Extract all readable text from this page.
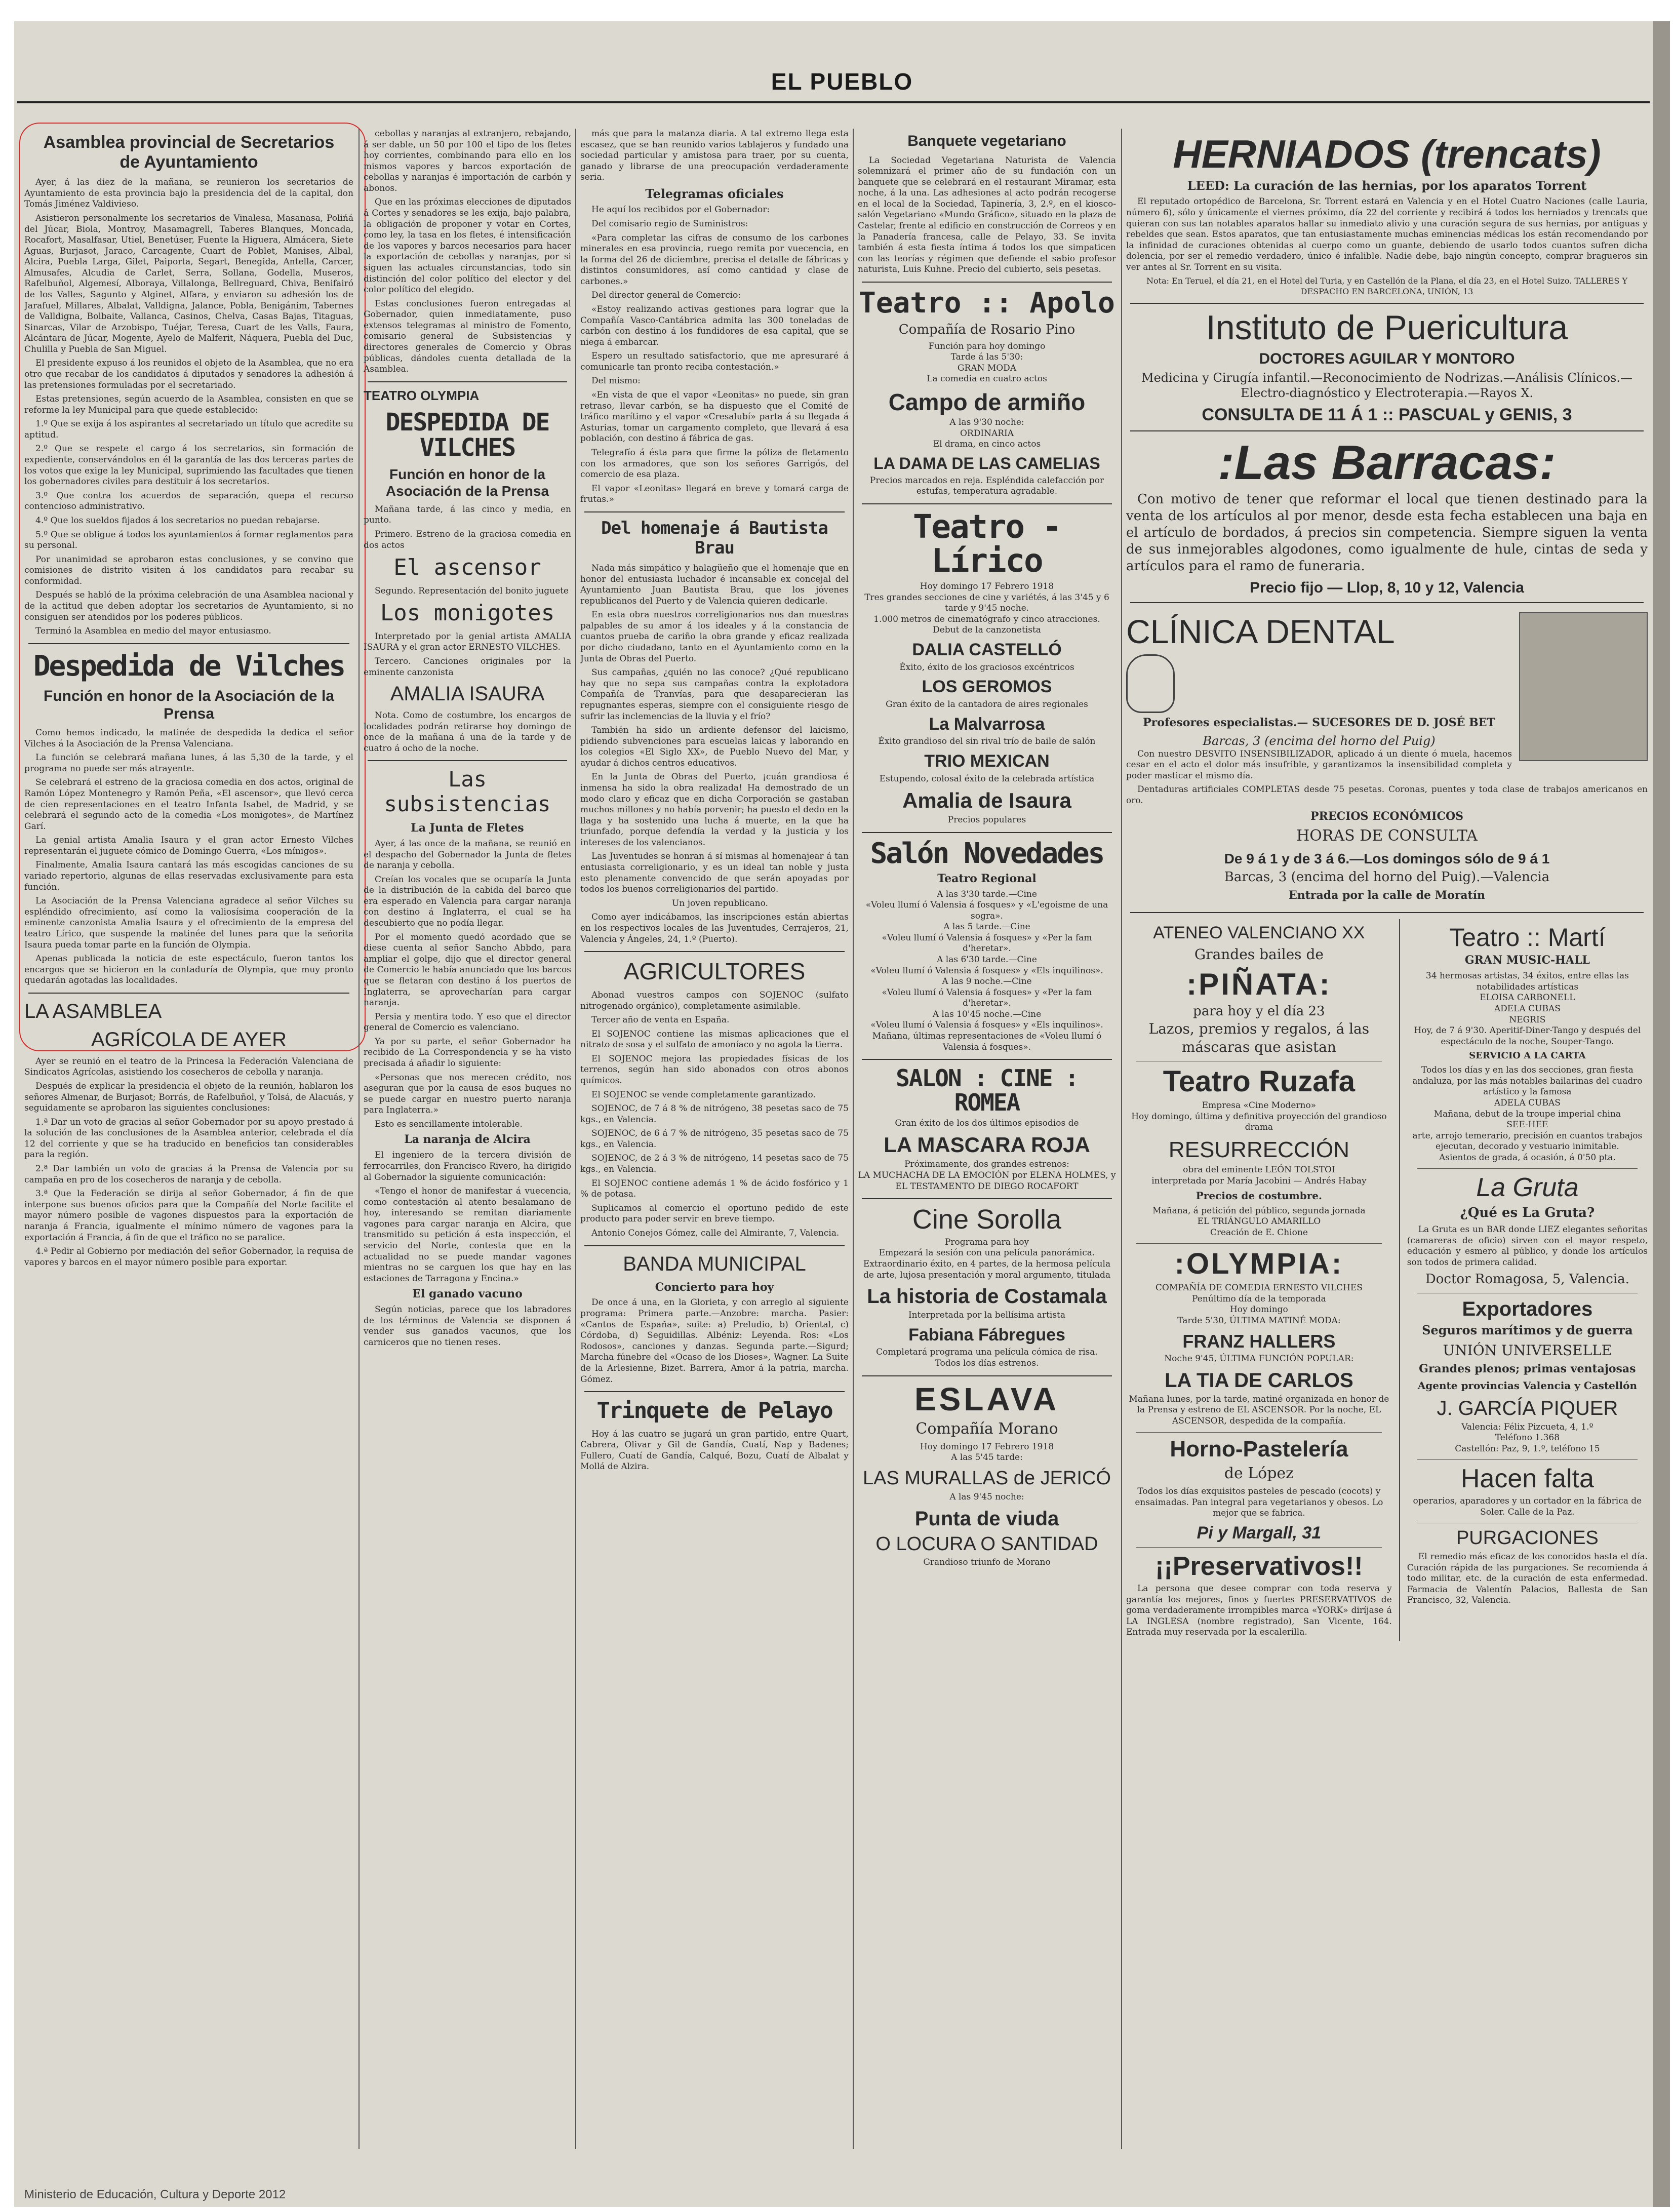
EL PUEBLO
Asamblea provincial de Secretarios
de Ayuntamiento

Ayer, á las diez de la mañana, se reunieron los secretarios de Ayuntamiento de esta provincia bajo la presidencia del de la capital, don Tomás Jiménez Valdivieso.

Asistieron personalmente los secretarios de Vinalesa, Masanasa, Polińá del Júcar, Biola, Montroy, Masamagrell, Taberes Blanques, Moncada, Rocafort, Masalfasar, Utiel, Benetúser, Fuente la Higuera, Almácera, Siete Aguas, Burjasot, Jaraco, Carcagente, Cuart de Poblet, Manises, Albal, Alcira, Puebla Larga, Gilet, Paiporta, Segart, Benegida, Antella, Carcer, Almusafes, Alcudia de Carlet, Serra, Sollana, Godella, Museros, Rafelbuñol, Algemesí, Alboraya, Villalonga, Bellreguard, Chiva, Benifairó de los Valles, Sagunto y Alginet, Alfara, y enviaron su adhesión los de Jarafuel, Millares, Albalat, Valldigna, Jalance, Pobla, Benigánim, Tabernes de Valldigna, Bolbaite, Vallanca, Casinos, Chelva, Casas Bajas, Titaguas, Sinarcas, Vilar de Arzobispo, Tuéjar, Teresa, Cuart de les Valls, Faura, Alcántara de Júcar, Mogente, Ayelo de Malferit, Náquera, Puebla del Duc, Chulilla y Puebla de San Miguel.

El presidente expuso á los reunidos el objeto de la Asamblea, que no era otro que recabar de los candidatos á diputados y senadores la adhesión á las pretensiones formuladas por el secretariado.

Estas pretensiones, según acuerdo de la Asamblea, consisten en que se reforme la ley Municipal para que quede establecido:

1.º Que se exija á los aspirantes al secretariado un título que acredite su aptitud.

2.º Que se respete el cargo á los secretarios, sin formación de expediente, conservándolos en él la garantía de las dos terceras partes de los votos que exige la ley Municipal, suprimiendo las facultades que tienen los gobernadores civiles para destituir á los secretarios.

3.º Que contra los acuerdos de separación, quepa el recurso contencioso administrativo.

4.º Que los sueldos fijados á los secretarios no puedan rebajarse.

5.º Que se obligue á todos los ayuntamientos á formar reglamentos para su personal.

Por unanimidad se aprobaron estas conclusiones, y se convino que comisiones de distrito visiten á los candidatos para recabar su conformidad.

Después se habló de la próxima celebración de una Asamblea nacional y de la actitud que deben adoptar los secretarios de Ayuntamiento, si no consiguen ser atendidos por los poderes públicos.

Terminó la Asamblea en medio del mayor entusiasmo.

Despedida de Vilches
Función en honor de la Asociación de la Prensa

Como hemos indicado, la matinée de despedida la dedica el señor Vilches á la Asociación de la Prensa Valenciana.

La función se celebrará mañana lunes, á las 5,30 de la tarde, y el programa no puede ser más atrayente.

Se celebrará el estreno de la graciosa comedia en dos actos, original de Ramón López Montenegro y Ramón Peña, «El ascensor», que llevó cerca de cien representaciones en el teatro Infanta Isabel, de Madrid, y se celebrará el segundo acto de la comedia «Los monigotes», de Martínez Garí.

La genial artista Amalia Isaura y el gran actor Ernesto Vilches representarán el juguete cómico de Domingo Guerra, «Los mínigos».

Finalmente, Amalia Isaura cantará las más escogidas canciones de su variado repertorio, algunas de ellas reservadas exclusivamente para esta función.

La Asociación de la Prensa Valenciana agradece al señor Vilches su espléndido ofrecimiento, así como la valiosísima cooperación de la eminente canzonista Amalia Isaura y el ofrecimiento de la empresa del teatro Lírico, que suspende la matinée del lunes para que la señorita Isaura pueda tomar parte en la función de Olympia.

Apenas publicada la noticia de este espectáculo, fueron tantos los encargos que se hicieron en la contaduría de Olympia, que muy pronto quedarán agotadas las localidades.

LA ASAMBLEA
AGRÍCOLA DE AYER

Ayer se reunió en el teatro de la Princesa la Federación Valenciana de Sindicatos Agrícolas, asistiendo los cosecheros de cebolla y naranja.

Después de explicar la presidencia el objeto de la reunión, hablaron los señores Almenar, de Burjasot; Borrás, de Rafelbuñol, y Tolsá, de Alacuás, y seguidamente se aprobaron las siguientes conclusiones:

1.ª Dar un voto de gracias al señor Gobernador por su apoyo prestado á la solución de las conclusiones de la Asamblea anterior, celebrada el día 12 del corriente y que se ha traducido en beneficios tan considerables para la región.

2.ª Dar también un voto de gracias á la Prensa de Valencia por su campaña en pro de los cosecheros de naranja y de cebolla.

3.ª Que la Federación se dirija al señor Gobernador, á fin de que interpone sus buenos oficios para que la Compañía del Norte facilite el mayor número posible de vagones dispuestos para la exportación de naranja á Francia, igualmente el mínimo número de vagones para la exportación á Francia, á fin de que el tráfico no se paralice.

4.ª Pedir al Gobierno por mediación del señor Gobernador, la requisa de vapores y barcos en el mayor número posible para exportar.

cebollas y naranjas al extranjero, rebajando, á ser dable, un 50 por 100 el tipo de los fletes hoy corrientes, combinando para ello en los mismos vapores y barcos exportación de cebollas y naranjas é importación de carbón y abonos.

Que en las próximas elecciones de diputados á Cortes y senadores se les exija, bajo palabra, la obligación de proponer y votar en Cortes, como ley, la tasa en los fletes, é intensificación de los vapores y barcos necesarios para hacer la exportación de cebollas y naranjas, por si siguen las actuales circunstancias, todo sin distinción del color político del elector y del color político del elegido.

Estas conclusiones fueron entregadas al Gobernador, quien inmediatamente, puso extensos telegramas al ministro de Fomento, comisario general de Subsistencias y directores generales de Comercio y Obras públicas, dándoles cuenta detallada de la Asamblea.

TEATRO OLYMPIA
DESPEDIDA DE VILCHES
Función en honor de la Asociación de la Prensa

Mañana tarde, á las cinco y media, en punto.

Primero. Estreno de la graciosa comedia en dos actos

El ascensor

Segundo. Representación del bonito juguete

Los monigotes

Interpretado por la genial artista AMALIA ISAURA y el gran actor ERNESTO VILCHES.

Tercero. Canciones originales por la eminente canzonista

AMALIA ISAURA

Nota. Como de costumbre, los encargos de localidades podrán retirarse hoy domingo de once de la mañana á una de la tarde y de cuatro á ocho de la noche.

Las subsistencias
La Junta de Fletes

Ayer, á las once de la mañana, se reunió en el despacho del Gobernador la Junta de fletes de naranja y cebolla.

Creían los vocales que se ocuparía la Junta de la distribución de la cabida del barco que era esperado en Valencia para cargar naranja con destino á Inglaterra, el cual se ha descubierto que no podía llegar.

Por el momento quedó acordado que se diese cuenta al señor Sancho Abbdo, para ampliar el golpe, dijo que el director general de Comercio le había anunciado que los barcos que se fletaran con destino á los puertos de Inglaterra, se aprovecharían para cargar naranja.

Persia y mentira todo. Y eso que el director general de Comercio es valenciano.

Ya por su parte, el señor Gobernador ha recibido de La Correspondencia y se ha visto precisada á añadir lo siguiente:

«Personas que nos merecen crédito, nos aseguran que por la causa de esos buques no se puede cargar en nuestro puerto naranja para Inglaterra.»

Esto es sencillamente intolerable.

La naranja de Alcira

El ingeniero de la tercera división de ferrocarriles, don Francisco Rivero, ha dirigido al Gobernador la siguiente comunicación:

«Tengo el honor de manifestar á vuecencia, como contestación al atento besalamano de hoy, interesando se remitan diariamente vagones para cargar naranja en Alcira, que transmitido su petición á esta inspección, el servicio del Norte, contesta que en la actualidad no se puede mandar vagones mientras no se carguen los que hay en las estaciones de Tarragona y Encina.»

El ganado vacuno

Según noticias, parece que los labradores de los términos de Valencia se disponen á vender sus ganados vacunos, que los carniceros que no tienen reses.

más que para la matanza diaria. A tal extremo llega esta escasez, que se han reunido varios tablajeros y fundado una sociedad particular y amistosa para traer, por su cuenta, ganado y librarse de una preocupación verdaderamente seria.

Telegramas oficiales

He aquí los recibidos por el Gobernador:

Del comisario regio de Suministros:

«Para completar las cifras de consumo de los carbones minerales en esa provincia, ruego remita por vuecencia, en la forma del 26 de diciembre, precisa el detalle de fábricas y distintos consumidores, así como cantidad y clase de carbones.»

Del director general de Comercio:

«Estoy realizando activas gestiones para lograr que la Compañía Vasco-Cantábrica admita las 300 toneladas de carbón con destino á los fundidores de esa capital, que se niega á embarcar.

Espero un resultado satisfactorio, que me apresuraré á comunicarle tan pronto reciba contestación.»

Del mismo:

«En vista de que el vapor «Leonitas» no puede, sin gran retraso, llevar carbón, se ha dispuesto que el Comité de tráfico marítimo y el vapor «Cresalubí» parta á su llegada á Asturias, tomar un cargamento completo, que llevará á esa población, con destino á fábrica de gas.

Telegrafío á ésta para que firme la póliza de fletamento con los armadores, que son los señores Garrigós, del comercio de esa plaza.

El vapor «Leonitas» llegará en breve y tomará carga de frutas.»

Del homenaje á Bautista Brau

Nada más simpático y halagüeño que el homenaje que en honor del entusiasta luchador é incansable ex concejal del Ayuntamiento Juan Bautista Brau, que los jóvenes republicanos del Puerto y de Valencia quieren dedicarle.

En esta obra nuestros correligionarios nos dan muestras palpables de su amor á los ideales y á la constancia de cuantos prueba de cariño la obra grande y eficaz realizada por dicho ciudadano, tanto en el Ayuntamiento como en la Junta de Obras del Puerto.

Sus campañas, ¿quién no las conoce? ¿Qué republicano hay que no sepa sus campañas contra la explotadora Compañía de Tranvías, para que desaparecieran las repugnantes esperas, siempre con el consiguiente riesgo de sufrir las inclemencias de la lluvia y el frío?

También ha sido un ardiente defensor del laicismo, pidiendo subvenciones para escuelas laicas y laborando en los colegios «El Siglo XX», de Pueblo Nuevo del Mar, y ayudar á dichos centros educativos.

En la Junta de Obras del Puerto, ¡cuán grandiosa é inmensa ha sido la obra realizada! Ha demostrado de un modo claro y eficaz que en dicha Corporación se gastaban muchos millones y no había porvenir; ha puesto el dedo en la llaga y ha sostenido una lucha á muerte, en la que ha triunfado, porque defendía la verdad y la justicia y los intereses de los valencianos.

Las Juventudes se honran á sí mismas al homenajear á tan entusiasta correligionario, y es un ideal tan noble y justa esto plenamente convencido de que serán apoyadas por todos los buenos correligionarios del partido.

Un joven republicano.

Como ayer indicábamos, las inscripciones están abiertas en los respectivos locales de las Juventudes, Cerrajeros, 21, Valencia y Ángeles, 24, 1.º (Puerto).

AGRICULTORES

Abonad vuestros campos con SOJENOC (sulfato nitrogenado orgánico), completamente asimilable.

Tercer año de venta en España.

El SOJENOC contiene las mismas aplicaciones que el nitrato de sosa y el sulfato de amoníaco y no agota la tierra.

El SOJENOC mejora las propiedades físicas de los terrenos, según han sido abonados con otros abonos químicos.

El SOJENOC se vende completamente garantizado.

SOJENOC, de 7 á 8 % de nitrógeno, 38 pesetas saco de 75 kgs., en Valencia.

SOJENOC, de 6 á 7 % de nitrógeno, 35 pesetas saco de 75 kgs., en Valencia.

SOJENOC, de 2 á 3 % de nitrógeno, 14 pesetas saco de 75 kgs., en Valencia.

El SOJENOC contiene además 1 % de ácido fosfórico y 1 % de potasa.

Suplicamos al comercio el oportuno pedido de este producto para poder servir en breve tiempo.

Antonio Conejos Gómez, calle del Almirante, 7, Valencia.

BANDA MUNICIPAL
Concierto para hoy

De once á una, en la Glorieta, y con arreglo al siguiente programa: Primera parte.—Anzobre: marcha. Pasier: «Cantos de España», suite: a) Preludio, b) Oriental, c) Córdoba, d) Seguidillas. Albéniz: Leyenda. Ros: «Los Rodosos», canciones y danzas. Segunda parte.—Sigurd; Marcha fúnebre del «Ocaso de los Dioses», Wagner. La Suite de la Arlesienne, Bizet. Barrera, Amor á la patria, marcha. Gómez.

Trinquete de Pelayo

Hoy á las cuatro se jugará un gran partido, entre Quart, Cabrera, Olivar y Gil de Gandía, Cuatí, Nap y Badenes; Fullero, Cuatí de Gandía, Calqué, Bozu, Cuatí de Albalat y Mollá de Alzira.

Banquete vegetariano

La Sociedad Vegetariana Naturista de Valencia solemnizará el primer año de su fundación con un banquete que se celebrará en el restaurant Miramar, esta noche, á la una. Las adhesiones al acto podrán recogerse en el local de la Sociedad, Tapinería, 3, 2.º, en el kiosco-salón Vegetariano «Mundo Gráfico», situado en la plaza de Castelar, frente al edificio en construcción de Correos y en la Panadería francesa, calle de Pelayo, 33. Se invita también á esta fiesta íntima á todos los que simpaticen con las teorías y régimen que defiende el sabio profesor naturista, Luis Kuhne. Precio del cubierto, seis pesetas.

Teatro :: Apolo
Compañía de Rosario Pino
Función para hoy domingo
Tarde á las 5'30:
GRAN MODA
La comedia en cuatro actos
Campo de armiño
A las 9'30 noche:
ORDINARIA
El drama, en cinco actos
LA DAMA DE LAS CAMELIAS
Precios marcados en reja. Espléndida calefacción por estufas, temperatura agradable.
Teatro - Lírico
Hoy domingo 17 Febrero 1918
Tres grandes secciones de cine y variétés, á las 3'45 y 6 tarde y 9'45 noche.
1.000 metros de cinematógrafo y cinco atracciones.
Debut de la canzonetista
DALIA CASTELLÓ
Éxito, éxito de los graciosos excéntricos
LOS GEROMOS
Gran éxito de la cantadora de aires regionales
La Malvarrosa
Éxito grandioso del sin rival trío de baile de salón
TRIO MEXICAN
Estupendo, colosal éxito de la celebrada artística
Amalia de Isaura
Precios populares
Salón Novedades
Teatro Regional
A las 3'30 tarde.—Cine
«Voleu llumí ó Valensia á fosques» y «L'egoisme de una sogra».
A las 5 tarde.—Cine
«Voleu llumí ó Valensia á fosques» y «Per la fam d'heretar».
A las 6'30 tarde.—Cine
«Voleu llumí ó Valensia á fosques» y «Els inquilinos».
A las 9 noche.—Cine
«Voleu llumí ó Valensia á fosques» y «Per la fam d'heretar».
A las 10'45 noche.—Cine
«Voleu llumí ó Valensia á fosques» y «Els inquilinos».
Mañana, últimas representaciones de «Voleu llumí ó Valensia á fosques».
SALON : CINE : ROMEA
Gran éxito de los dos últimos episodios de
LA MASCARA ROJA
Próximamente, dos grandes estrenos:
LA MUCHACHA DE LA EMOCIÓN por ELENA HOLMES, y
EL TESTAMENTO DE DIEGO ROCAFORT
Cine Sorolla
Programa para hoy
Empezará la sesión con una película panorámica.
Extraordinario éxito, en 4 partes, de la hermosa película de arte, lujosa presentación y moral argumento, titulada
La historia de Costamala
Interpretada por la bellísima artista
Fabiana Fábregues
Completará programa una película cómica de risa.
Todos los días estrenos.
ESLAVA
Compañía Morano
Hoy domingo 17 Febrero 1918
A las 5'45 tarde:
LAS MURALLAS de JERICÓ
A las 9'45 noche:
Punta de viuda
O LOCURA O SANTIDAD
Grandioso triunfo de Morano
HERNIADOS (trencats)
LEED: La curación de las hernias, por los aparatos Torrent

El reputado ortopédico de Barcelona, Sr. Torrent estará en Valencia y en el Hotel Cuatro Naciones (calle Lauria, número 6), sólo y únicamente el viernes próximo, día 22 del corriente y recibirá á todos los herniados y trencats que quieran con sus tan notables aparatos hallar su inmediato alivio y una curación segura de sus hernias, por antiguas y rebeldes que sean. Estos aparatos, que tan entusiastamente muchas eminencias médicas los están recomendando por la infinidad de curaciones obtenidas al cuerpo como un guante, debiendo de usarlo todos cuantos sufren dicha dolencia, por ser el remedio verdadero, único é infalible. Nadie debe, bajo ningún concepto, comprar bragueros sin ver antes al Sr. Torrent en su visita.

Nota: En Teruel, el día 21, en el Hotel del Turia, y en Castellón de la Plana, el día 23, en el Hotel Suizo. TALLERES Y DESPACHO EN BARCELONA, UNIÓN, 13
Instituto de Puericultura
DOCTORES AGUILAR Y MONTORO
Medicina y Cirugía infantil.—Reconocimiento de Nodrizas.—Análisis Clínicos.—Electro-diagnóstico y Electroterapia.—Rayos X.
CONSULTA DE 11 Á 1 :: PASCUAL y GENIS, 3
:Las Barracas:

Con motivo de tener que reformar el local que tienen destinado para la venta de los artículos al por menor, desde esta fecha establecen una baja en el artículo de bordados, á precios sin competencia. Siempre siguen la venta de sus inmejorables algodones, como igualmente de hule, cintas de seda y artículos para el ramo de funeraria.

Precio fijo — Llop, 8, 10 y 12, Valencia
CLÍNICA DENTAL
Profesores especialistas.— SUCESORES DE D. JOSÉ BET
Barcas, 3 (encima del horno del Puig)

Con nuestro DESVITO INSENSIBILIZADOR, aplicado á un diente ó muela, hacemos cesar en el acto el dolor más insufrible, y garantizamos la insensibilidad completa y poder masticar el mismo día.

Dentaduras artificiales COMPLETAS desde 75 pesetas. Coronas, puentes y toda clase de trabajos americanos en oro.

PRECIOS ECONÓMICOS
HORAS DE CONSULTA
De 9 á 1 y de 3 á 6.—Los domingos sólo de 9 á 1
Barcas, 3 (encima del horno del Puig).—Valencia
Entrada por la calle de Moratín
ATENEO VALENCIANO XX
Grandes bailes de
:PIÑATA:
para hoy y el día 23
Lazos, premios y regalos, á las máscaras que asistan
Teatro Ruzafa
Empresa «Cine Moderno»
Hoy domingo, última y definitiva proyección del grandioso drama
RESURRECCIÓN
obra del eminente LEÓN TOLSTOI
interpretada por María Jacobini — Andrés Habay
Precios de costumbre.
Mañana, á petición del público, segunda jornada
EL TRIÁNGULO AMARILLO
Creación de E. Chione
:OLYMPIA:
COMPAÑÍA DE COMEDIA ERNESTO VILCHES
Penúltimo día de la temporada
Hoy domingo
Tarde 5'30, ÚLTIMA MATINÉ MODA:
FRANZ HALLERS
Noche 9'45, ÚLTIMA FUNCIÓN POPULAR:
LA TIA DE CARLOS
Mañana lunes, por la tarde, matiné organizada en honor de la Prensa y estreno de EL ASCENSOR. Por la noche, EL ASCENSOR, despedida de la compañía.
Horno-Pastelería
de López
Todos los días exquisitos pasteles de pescado (cocots) y ensaimadas. Pan integral para vegetarianos y obesos. Lo mejor que se fabrica.
Pi y Margall, 31
¡¡Preservativos!!

La persona que desee comprar con toda reserva y garantía los mejores, finos y fuertes PRESERVATIVOS de goma verdaderamente irrompibles marca «YORK» diríjase á LA INGLESA (nombre registrado), San Vicente, 164. Entrada muy reservada por la escalerilla.

Teatro :: Martí
GRAN MUSIC-HALL
34 hermosas artistas, 34 éxitos, entre ellas las notabilidades artísticas
ELOISA CARBONELL
ADELA CUBAS
NEGRIS
Hoy, de 7 á 9'30. Aperitif-Diner-Tango y después del espectáculo de la noche, Souper-Tango.
SERVICIO A LA CARTA
Todos los días y en las dos secciones, gran fiesta andaluza, por las más notables bailarinas del cuadro artístico y la famosa
ADELA CUBAS
Mañana, debut de la troupe imperial china
SEE-HEE
arte, arrojo temerario, precisión en cuantos trabajos ejecutan, decorado y vestuario inimitable.
Asientos de grada, á ocasión, á 0'50 pta.
La Gruta
¿Qué es La Gruta?

La Gruta es un BAR donde LIEZ elegantes señoritas (camareras de oficio) sirven con el mayor respeto, educación y esmero al público, y donde los artículos son todos de primera calidad.

Doctor Romagosa, 5, Valencia.
Exportadores
Seguros marítimos y de guerra
UNIÓN UNIVERSELLE
Grandes plenos; primas ventajosas
Agente provincias Valencia y Castellón
J. GARCÍA PIQUER
Valencia: Félix Pizcueta, 4, 1.º
Teléfono 1.368
Castellón: Paz, 9, 1.º, teléfono 15
Hacen falta
operarios, aparadores y un cortador en la fábrica de Soler. Calle de la Paz.
PURGACIONES

El remedio más eficaz de los conocidos hasta el día. Curación rápida de las purgaciones. Se recomienda á todo militar, etc. de la curación de esta enfermedad. Farmacia de Valentín Palacios, Ballesta de San Francisco, 32, Valencia.

Ministerio de Educación, Cultura y Deporte 2012
